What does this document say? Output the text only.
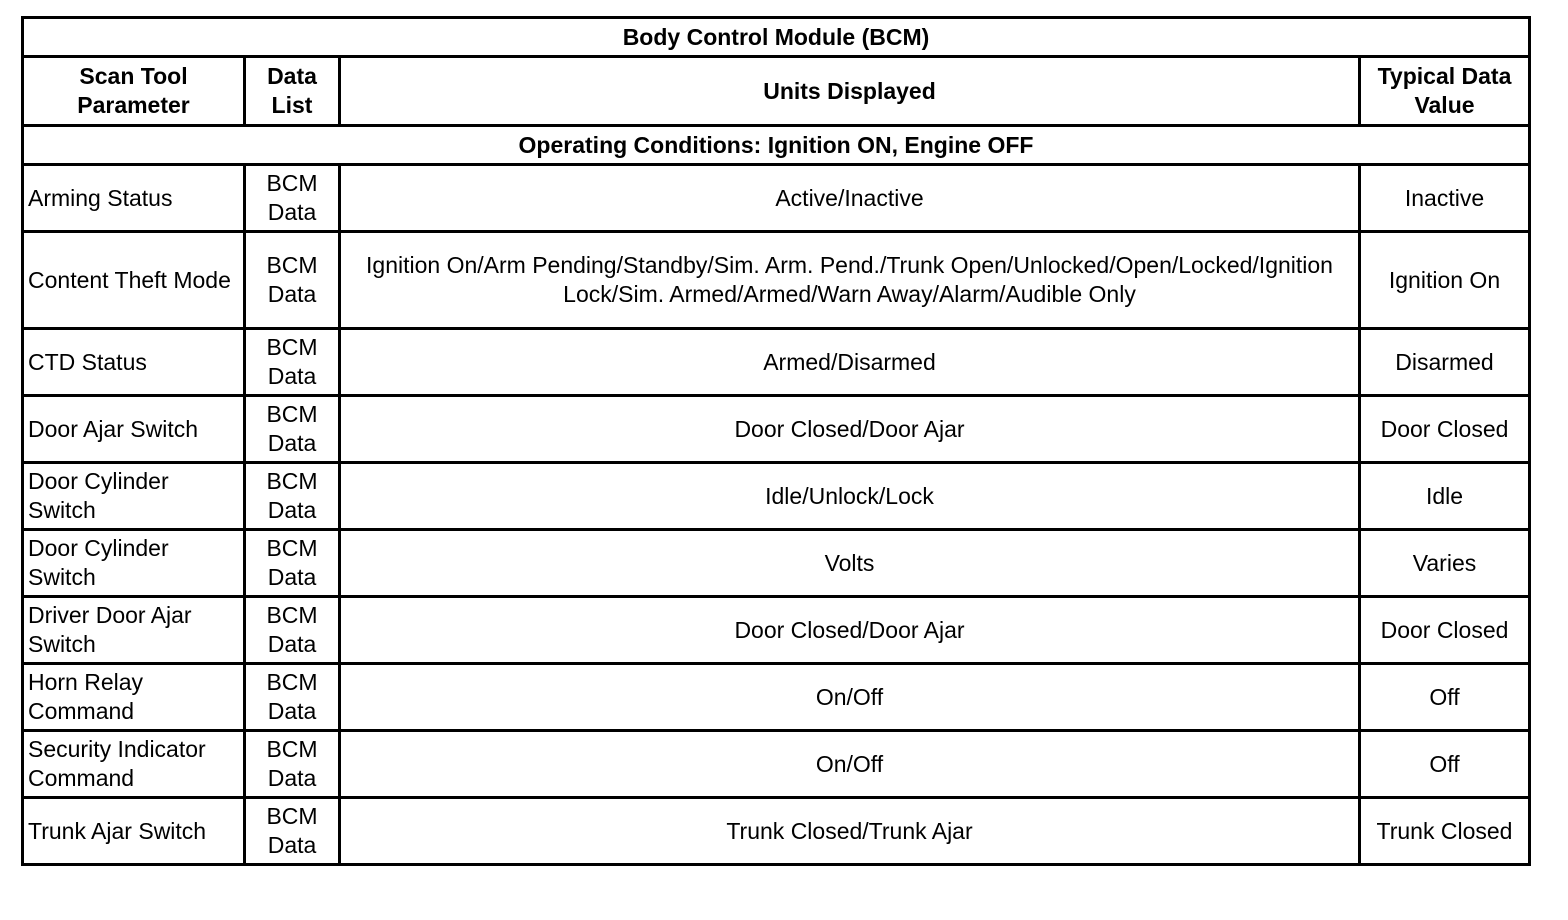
Body Control Module (BCM)			
Scan Tool Parameter	Data List	Units Displayed	Typical Data Value
Operating Conditions: Ignition ON, Engine OFF			
Arming Status	BCM Data	Active/Inactive	Inactive
Content Theft Mode	BCM Data	Ignition On/Arm Pending/Standby/Sim. Arm. Pend./Trunk Open/Unlocked/Open/Locked/Ignition Lock/Sim. Armed/Armed/Warn Away/Alarm/Audible Only	Ignition On
CTD Status	BCM Data	Armed/Disarmed	Disarmed
Door Ajar Switch	BCM Data	Door Closed/Door Ajar	Door Closed
Door Cylinder Switch	BCM Data	Idle/Unlock/Lock	Idle
Door Cylinder Switch	BCM Data	Volts	Varies
Driver Door Ajar Switch	BCM Data	Door Closed/Door Ajar	Door Closed
Horn Relay Command	BCM Data	On/Off	Off
Security Indicator Command	BCM Data	On/Off	Off
Trunk Ajar Switch	BCM Data	Trunk Closed/Trunk Ajar	Trunk Closed
